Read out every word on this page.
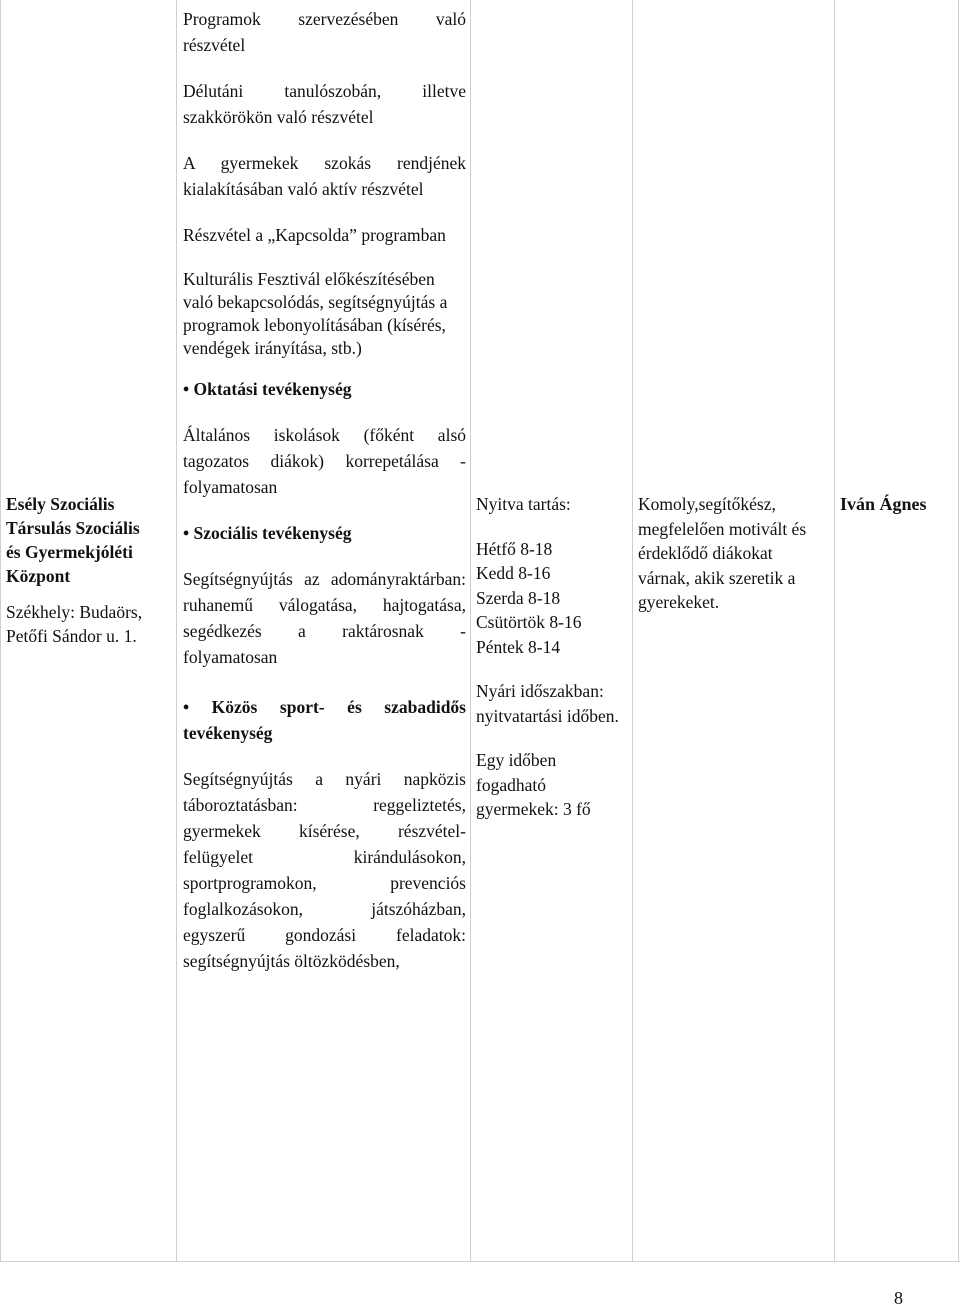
Esély Szociális
Társulás Szociális
és Gyermekjóléti
Központ
Székhely: Budaörs,
Petőfi Sándor u. 1.

Programok szervezésében való részvétel

Délutáni tanulószobán, illetve szakkörökön való részvétel

A gyermekek szokás rendjének kialakításában való aktív részvétel

Részvétel a „Kapcsolda” programban

Kulturális Fesztivál előkészítésében való bekapcsolódás, segítségnyújtás a programok lebonyolításában (kísérés, vendégek irányítása, stb.)

• Oktatási tevékenység

Általános iskolások (főként alsó tagozatos diákok) korrepetálása - folyamatosan

• Szociális tevékenység

Segítségnyújtás az adományraktárban: ruhanemű válogatása, hajtogatása, segédkezés a raktárosnak - folyamatosan

• Közös sport- és szabadidős tevékenység

Segítségnyújtás a nyári napközis táboroztatásban: reggeliztetés, gyermekek kísérése, részvétel-felügyelet kirándulásokon, sportprogramokon, prevenciós foglalkozásokon, játszóházban, egyszerű gondozási feladatok: segítségnyújtás öltözködésben,

Nyitva tartás:
Hétfő 8-18
Kedd 8-16
Szerda 8-18
Csütörtök 8-16
Péntek 8-14
Nyári időszakban: nyitvatartási időben.
Egy időben fogadható gyermekek: 3 fő
Komoly,segítőkész, megfelelően motivált és érdeklődő diákokat várnak, akik szeretik a gyerekeket.
Iván Ágnes
8
